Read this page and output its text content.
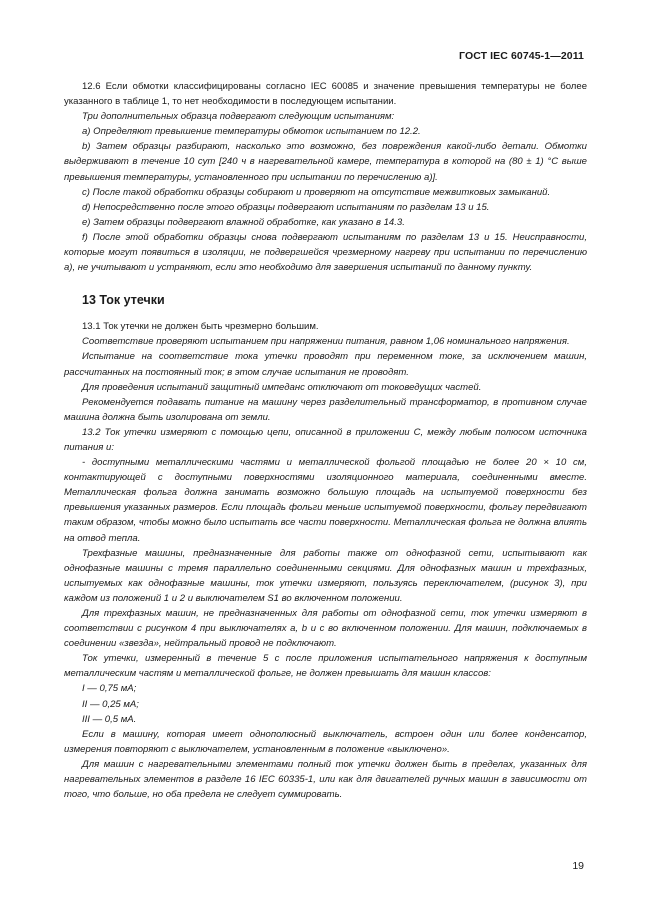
ГОСТ IEC 60745-1—2011

12.6 Если обмотки классифицированы согласно IEC 60085 и значение превышения температуры не более указанного в таблице 1, то нет необходимости в последующем испытании.

Три дополнительных образца подвергают следующим испытаниям:

a) Определяют превышение температуры обмоток испытанием по 12.2.

b) Затем образцы разбирают, насколько это возможно, без повреждения какой-либо детали. Обмотки выдерживают в течение 10 сут [240 ч в нагревательной камере, температура в которой на (80 ± 1) °С выше превышения температуры, установленного при испытании по перечислению а)].

c) После такой обработки образцы собирают и проверяют на отсутствие межвитковых замыканий.

d) Непосредственно после этого образцы подвергают испытаниям по разделам 13 и 15.

e) Затем образцы подвергают влажной обработке, как указано в 14.3.

f) После этой обработки образцы снова подвергают испытаниям по разделам 13 и 15. Неисправности, которые могут появиться в изоляции, не подвергшейся чрезмерному нагреву при испытании по перечислению а), не учитывают и устраняют, если это необходимо для завершения испытаний по данному пункту.

13 Ток утечки

13.1 Ток утечки не должен быть чрезмерно большим.

Соответствие проверяют испытанием при напряжении питания, равном 1,06 номинального напряжения.

Испытание на соответствие тока утечки проводят при переменном токе, за исключением машин, рассчитанных на постоянный ток; в этом случае испытания не проводят.

Для проведения испытаний защитный импеданс отключают от токоведущих частей.

Рекомендуется подавать питание на машину через разделительный трансформатор, в противном случае машина должна быть изолирована от земли.

13.2 Ток утечки измеряют с помощью цепи, описанной в приложении С, между любым полюсом источника питания и:

- доступными металлическими частями и металлической фольгой площадью не более 20 × 10 см, контактирующей с доступными поверхностями изоляционного материала, соединенными вместе. Металлическая фольга должна занимать возможно большую площадь на испытуемой поверхности без превышения указанных размеров. Если площадь фольги меньше испытуемой поверхности, фольгу передвигают таким образом, чтобы можно было испытать все части поверхности. Металлическая фольга не должна влиять на отвод тепла.

Трехфазные машины, предназначенные для работы также от однофазной сети, испытывают как однофазные машины с тремя параллельно соединенными секциями. Для однофазных машин и трехфазных, испытуемых как однофазные машины, ток утечки измеряют, пользуясь переключателем, (рисунок 3), при каждом из положений 1 и 2 и выключателем S1 во включенном положении.

Для трехфазных машин, не предназначенных для работы от однофазной сети, ток утечки измеряют в соответствии с рисунком 4 при выключателях а, b и с во включенном положении. Для машин, подключаемых в соединении «звезда», нейтральный провод не подключают.

Ток утечки, измеренный в течение 5 с после приложения испытательного напряжения к доступным металлическим частям и металлической фольге, не должен превышать для машин классов:

I — 0,75 мА;

II — 0,25 мА;

III — 0,5 мА.

Если в машину, которая имеет однополюсный выключатель, встроен один или более конденсатор, измерения повторяют с выключателем, установленным в положение «выключено».

Для машин с нагревательными элементами полный ток утечки должен быть в пределах, указанных для нагревательных элементов в разделе 16 IEC 60335-1, или как для двигателей ручных машин в зависимости от того, что больше, но оба предела не следует суммировать.

19
